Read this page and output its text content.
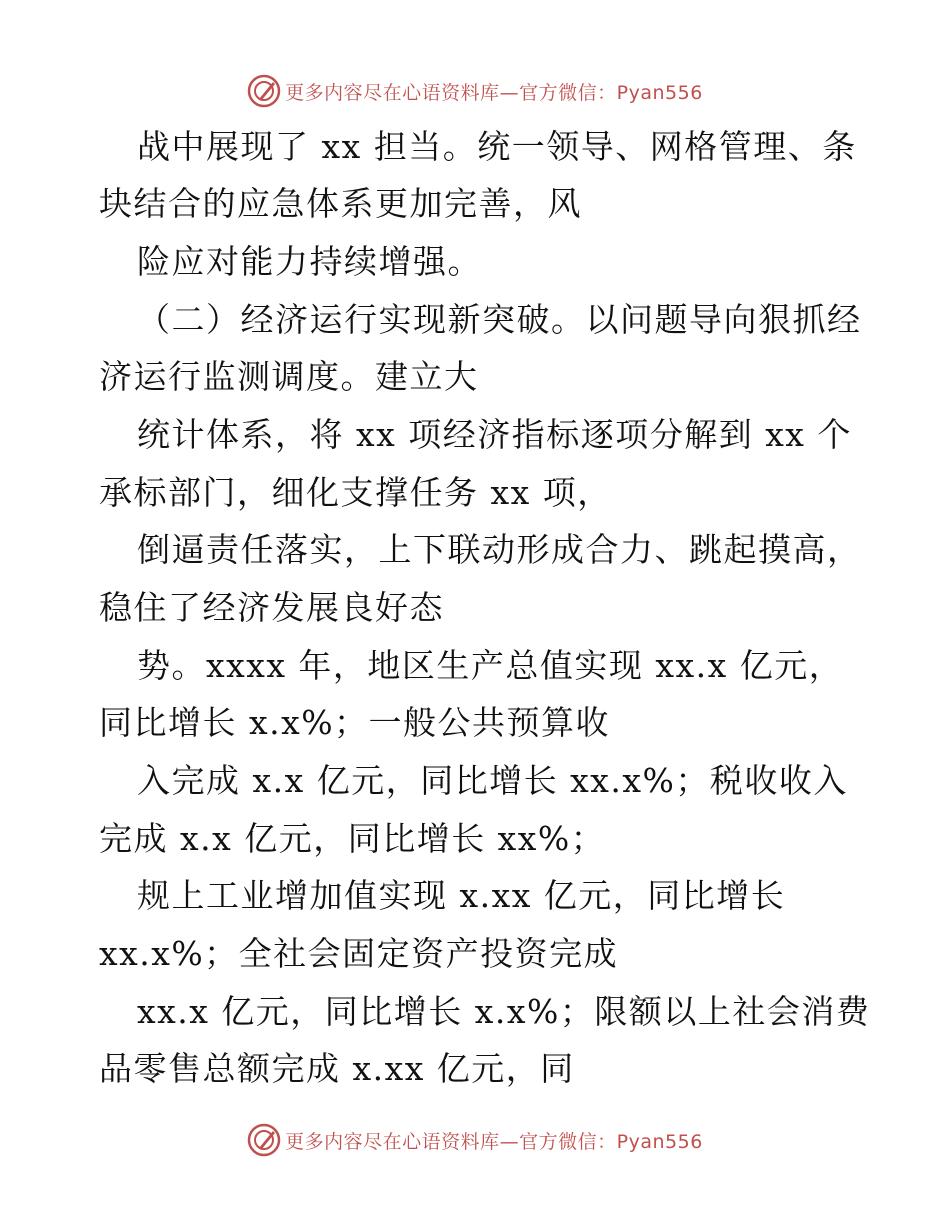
更多内容尽在心语资料库—官方微信：Pyan556
战中展现了 xx 担当。统一领导、网格管理、条
块结合的应急体系更加完善，风
险应对能力持续增强。
（二）经济运行实现新突破。以问题导向狠抓经
济运行监测调度。建立大
统计体系，将 xx 项经济指标逐项分解到 xx 个
承标部门，细化支撑任务 xx 项，
倒逼责任落实，上下联动形成合力、跳起摸高，
稳住了经济发展良好态
势。xxxx 年，地区生产总值实现 xx.x 亿元，
同比增长 x.x%；一般公共预算收
入完成 x.x 亿元，同比增长 xx.x%；税收收入
完成 x.x 亿元，同比增长 xx%；
规上工业增加值实现 x.xx 亿元，同比增长
xx.x%；全社会固定资产投资完成
xx.x 亿元，同比增长 x.x%；限额以上社会消费
品零售总额完成 x.xx 亿元，同
更多内容尽在心语资料库—官方微信：Pyan556
